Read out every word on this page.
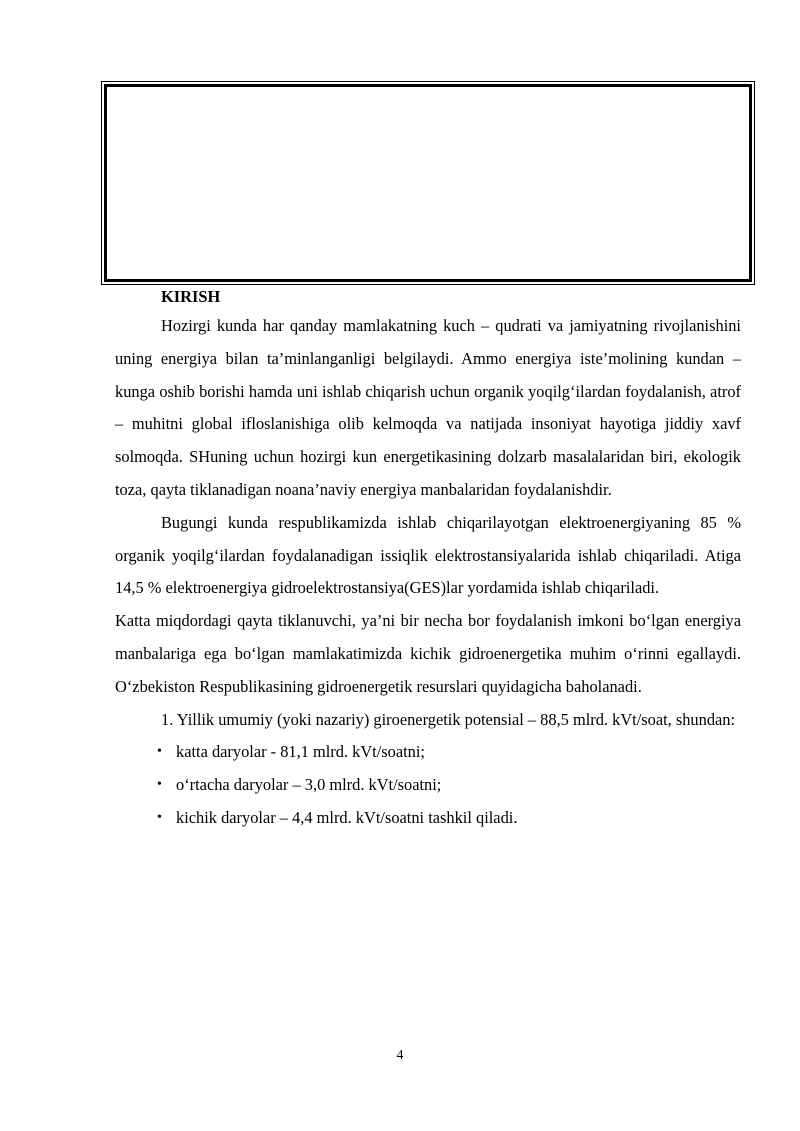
KIRISH

Hozirgi kunda har qanday mamlakatning kuch – qudrati va jamiyatning rivojlanishini uning energiya bilan ta’minlanganligi belgilaydi. Ammo energiya iste’molining kundan – kunga oshib borishi hamda uni ishlab chiqarish uchun organik yoqilg‘ilardan foydalanish, atrof – muhitni global ifloslanishiga olib kelmoqda va natijada insoniyat hayotiga jiddiy xavf solmoqda. SHuning uchun hozirgi kun energetikasining dolzarb masalalaridan biri, ekologik toza, qayta tiklanadigan noana’naviy energiya manbalaridan foydalanishdir.

Bugungi kunda respublikamizda ishlab chiqarilayotgan elektroenergiyaning 85 % organik yoqilg‘ilardan foydalanadigan issiqlik elektrostansiyalarida ishlab chiqariladi. Atiga 14,5 % elektroenergiya gidroelektrostansiya(GES)lar yordamida ishlab chiqariladi.

Katta miqdordagi qayta tiklanuvchi, ya’ni bir necha bor foydalanish imkoni bo‘lgan energiya manbalariga ega bo‘lgan mamlakatimizda kichik gidroenergetika muhim o‘rinni egallaydi. O‘zbekiston Respublikasining gidroenergetik resurslari quyidagicha baholanadi.

1. Yillik umumiy (yoki nazariy) giroenergetik potensial – 88,5 mlrd. kVt/soat, shundan:

• katta daryolar - 81,1 mlrd. kVt/soatni;
• o‘rtacha daryolar – 3,0 mlrd. kVt/soatni;
• kichik daryolar – 4,4 mlrd. kVt/soatni tashkil qiladi.
4
